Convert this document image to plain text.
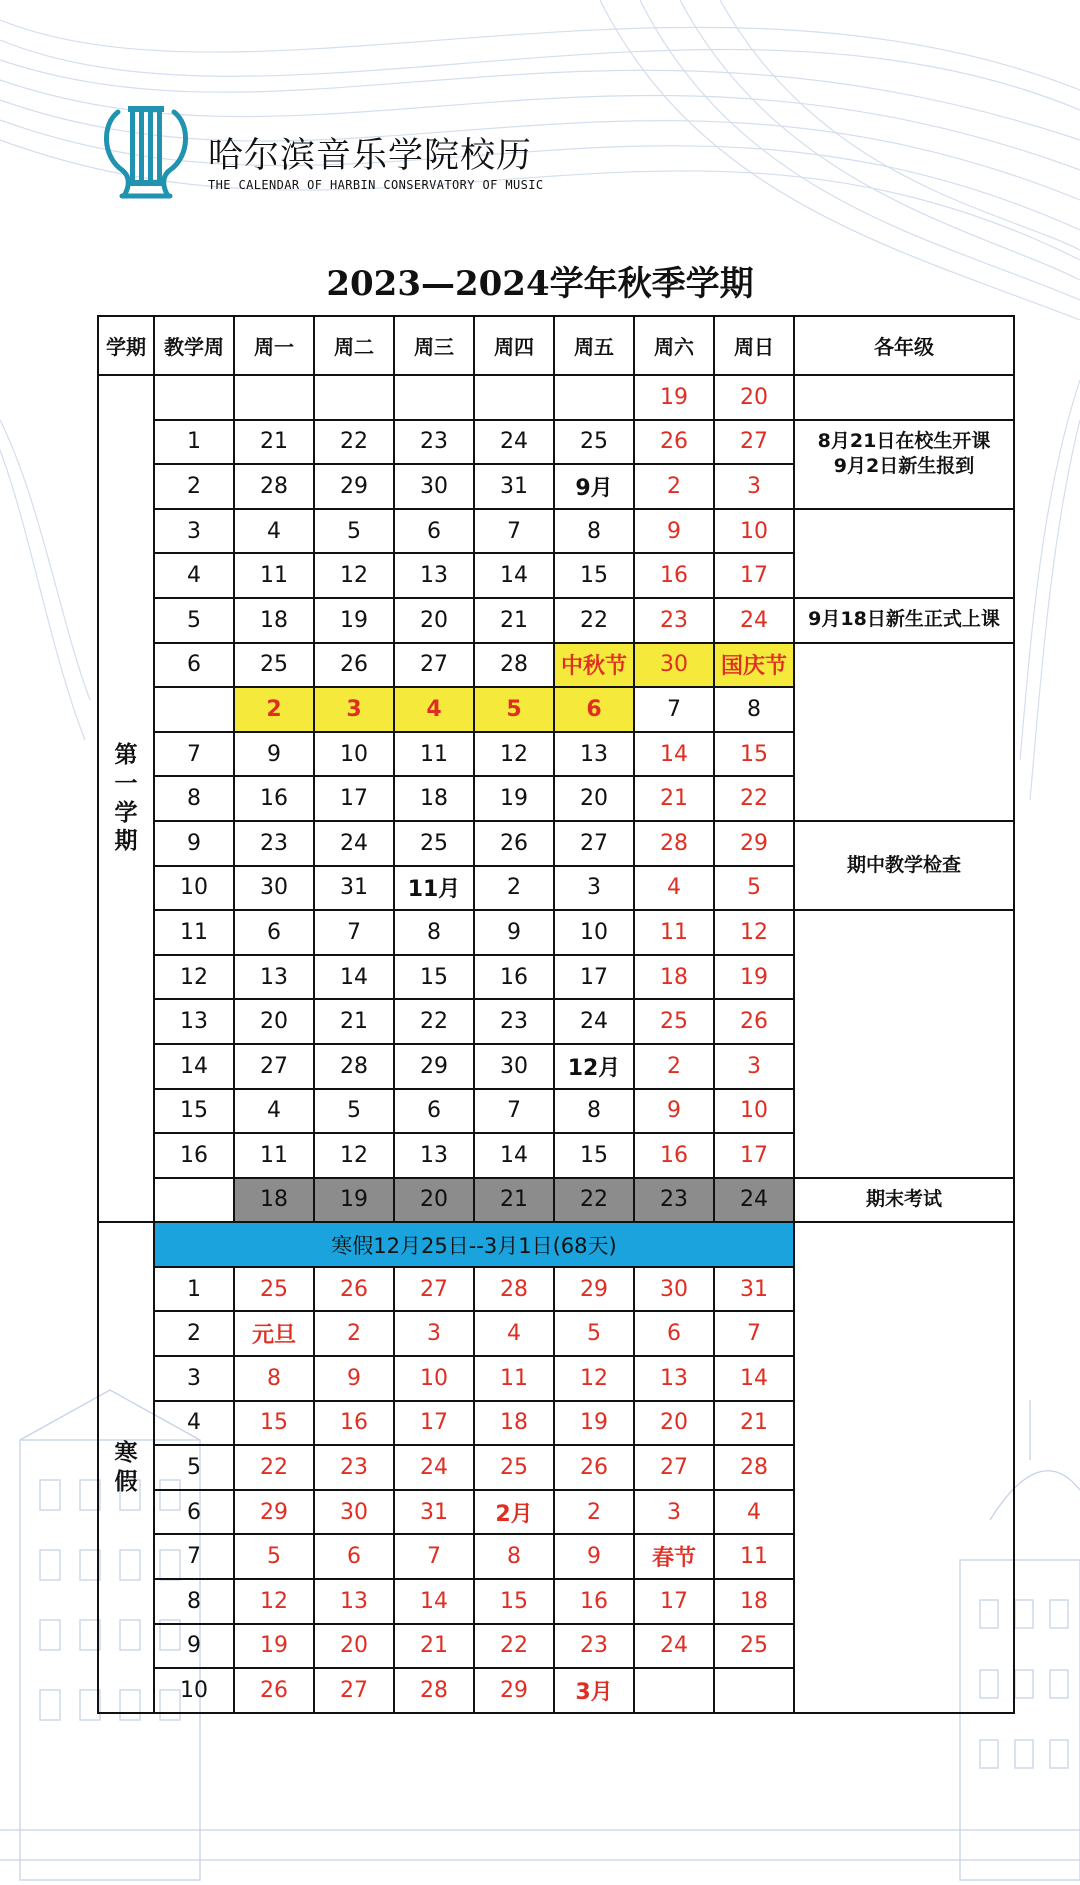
哈尔滨音乐学院校历
THE CALENDAR OF HARBIN CONSERVATORY OF MUSIC
2023—2024学年秋季学期
学期	教学周	周一	周二	周三	周四	周五	周六	周日	各年级

第
一
学
期							19	20	
	1	21	22	23	24	25	26	27	8月21日在校生开课
9月2日新生报到

	2	28	29	30	31	9月	2	3	
	3	4	5	6	7	8	9	10	
	4	11	12	13	14	15	16	17	
	5	18	19	20	21	22	23	24	9月18日新生正式上课
	6	25	26	27	28	中秋节	30	国庆节	
		2	3	4	5	6	7	8	
	7	9	10	11	12	13	14	15	
	8	16	17	18	19	20	21	22	
	9	23	24	25	26	27	28	29	期中教学检查
	10	30	31	11月	2	3	4	5	
	11	6	7	8	9	10	11	12	
	12	13	14	15	16	17	18	19	
	13	20	21	22	23	24	25	26	
	14	27	28	29	30	12月	2	3	
	15	4	5	6	7	8	9	10	
	16	11	12	13	14	15	16	17	
		18	19	20	21	22	23	24	期末考试

寒
假	寒假12月25日--3月1日(68天)								
	1	25	26	27	28	29	30	31	
	2	元旦	2	3	4	5	6	7	
	3	8	9	10	11	12	13	14	
	4	15	16	17	18	19	20	21	
	5	22	23	24	25	26	27	28	
	6	29	30	31	2月	2	3	4	
	7	5	6	7	8	9	春节	11	
	8	12	13	14	15	16	17	18	
	9	19	20	21	22	23	24	25	
	10	26	27	28	29	3月			
